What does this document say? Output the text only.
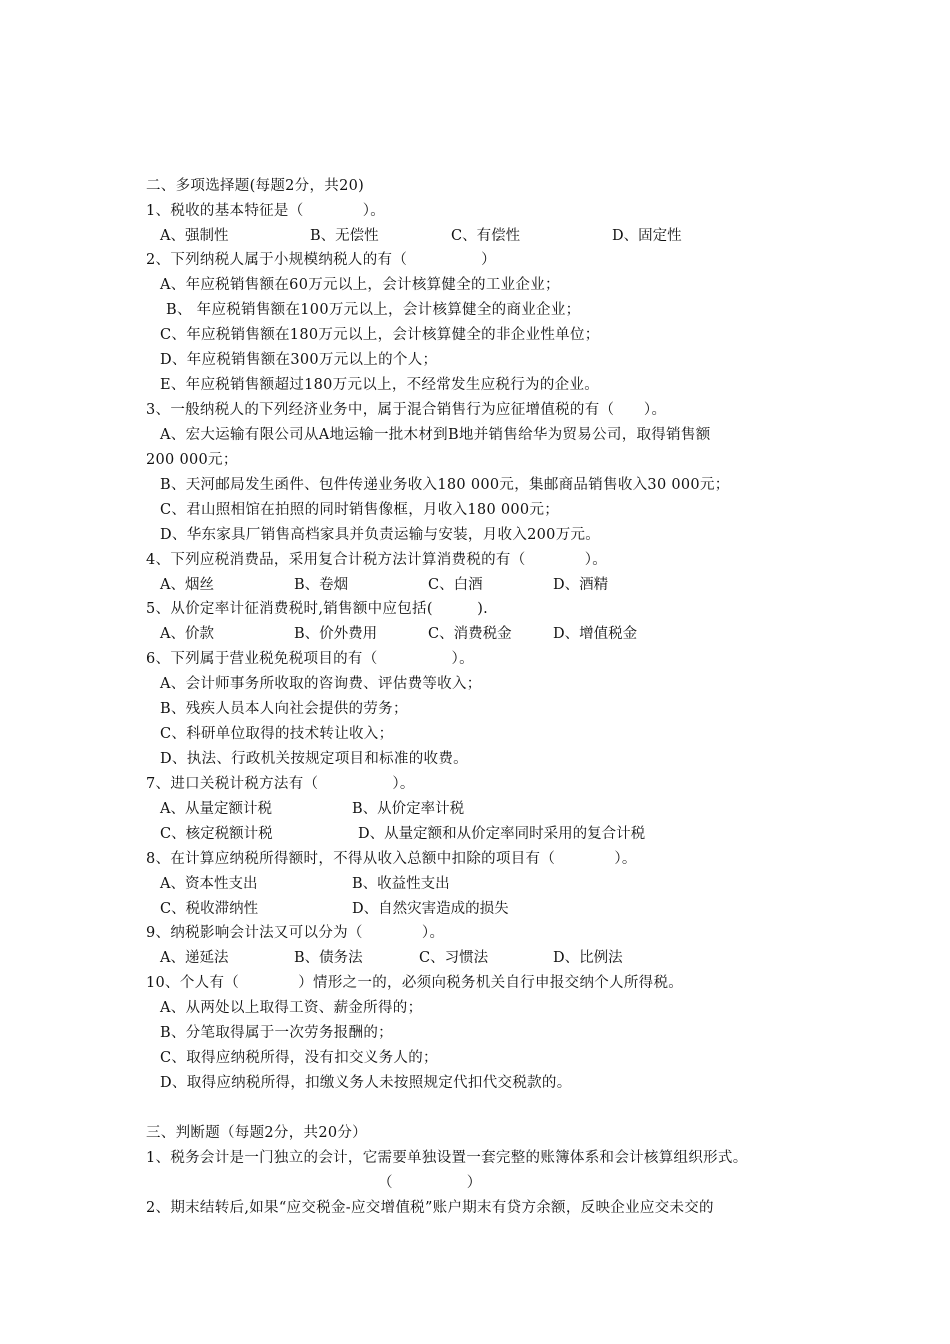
二、多项选择题(每题2分，共20)
1、税收的基本特征是（　　　　）。
A、强制性	B、无偿性	C、有偿性	D、固定性
2、下列纳税人属于小规模纳税人的有（　　　　　）
A、年应税销售额在60万元以上，会计核算健全的工业企业；
B、 年应税销售额在100万元以上，会计核算健全的商业企业；
C、年应税销售额在180万元以上，会计核算健全的非企业性单位；
D、年应税销售额在300万元以上的个人；
E、年应税销售额超过180万元以上，不经常发生应税行为的企业。
3、一般纳税人的下列经济业务中，属于混合销售行为应征增值税的有（　　）。
A、宏大运输有限公司从A地运输一批木材到B地并销售给华为贸易公司，取得销售额
200 000元；
B、天河邮局发生函件、包件传递业务收入180 000元，集邮商品销售收入30 000元；
C、君山照相馆在拍照的同时销售像框，月收入180 000元；
D、华东家具厂销售高档家具并负责运输与安装，月收入200万元。
4、下列应税消费品，采用复合计税方法计算消费税的有（　　　　）。
A、烟丝	B、卷烟	C、白酒	D、酒精
5、从价定率计征消费税时,销售额中应包括(　　　).
A、价款	B、价外费用	C、消费税金	D、增值税金
6、下列属于营业税免税项目的有（　　　　　）。
A、会计师事务所收取的咨询费、评估费等收入；
B、残疾人员本人向社会提供的劳务；
C、科研单位取得的技术转让收入；
D、执法、行政机关按规定项目和标准的收费。
7、进口关税计税方法有（　　　　　）。
A、从量定额计税	B、从价定率计税
C、核定税额计税	D、从量定额和从价定率同时采用的复合计税
8、在计算应纳税所得额时，不得从收入总额中扣除的项目有（　　　　）。
A、资本性支出	B、收益性支出
C、税收滞纳性	D、自然灾害造成的损失
9、纳税影响会计法又可以分为（　　　　）。
A、递延法	B、债务法	C、习惯法	D、比例法
10、个人有（　　　　）情形之一的，必须向税务机关自行申报交纳个人所得税。
A、从两处以上取得工资、薪金所得的；
B、分笔取得属于一次劳务报酬的；
C、取得应纳税所得，没有扣交义务人的；
D、取得应纳税所得，扣缴义务人未按照规定代扣代交税款的。
三、判断题（每题2分，共20分）
1、税务会计是一门独立的会计，它需要单独设置一套完整的账簿体系和会计核算组织形式。
（　　　　　）
2、期末结转后,如果“应交税金-应交增值税”账户期末有贷方余额，反映企业应交未交的
